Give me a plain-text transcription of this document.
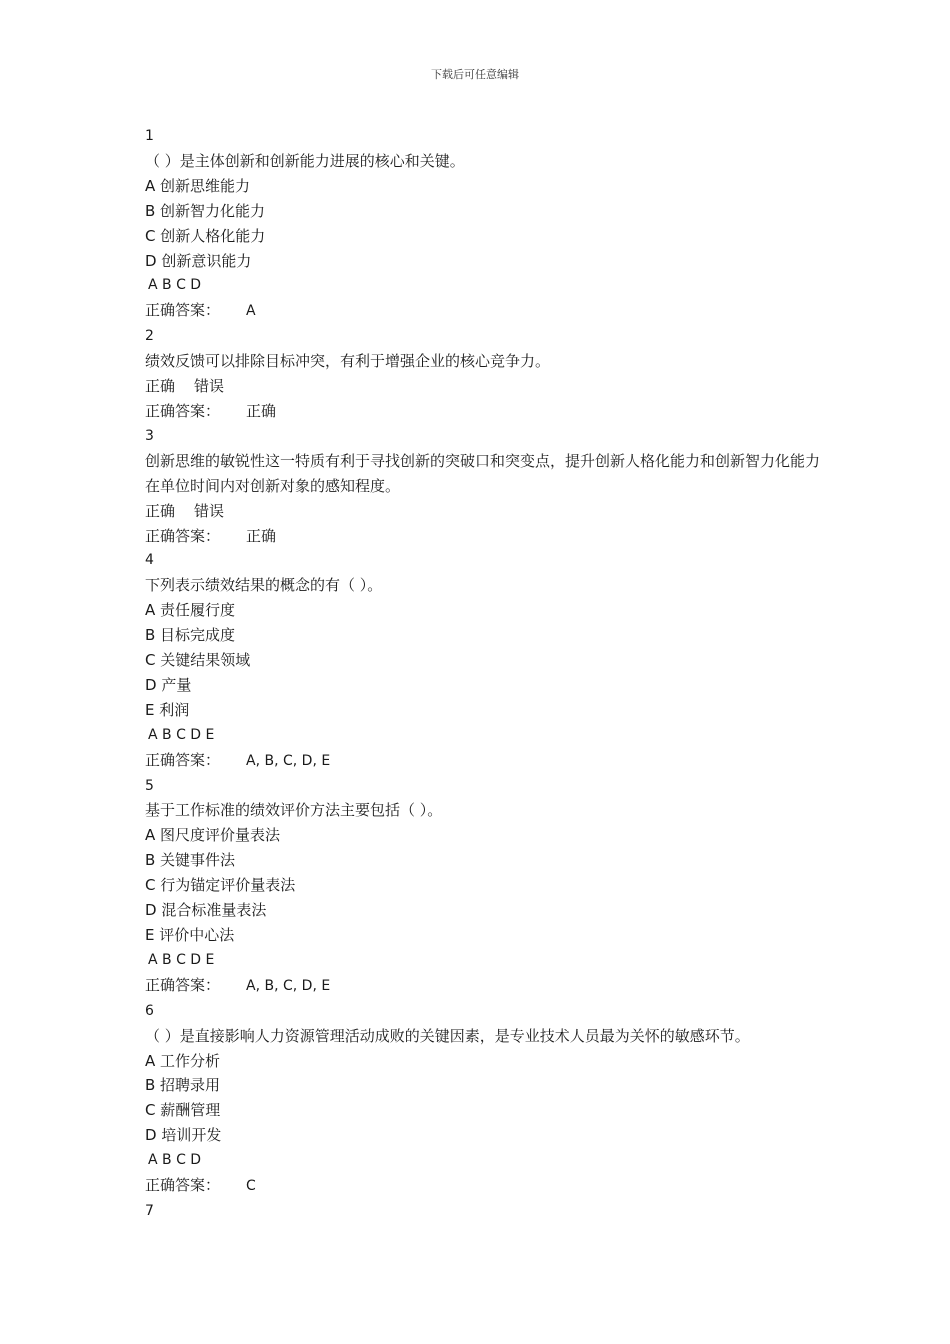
下载后可任意编辑
1
（ ）是主体创新和创新能力进展的核心和关键。
A 创新思维能力
B 创新智力化能力
C 创新人格化能力
D 创新意识能力
A B C D
正确答案： A
2
绩效反馈可以排除目标冲突，有利于增强企业的核心竞争力。
正确 错误
正确答案： 正确
3
创新思维的敏锐性这一特质有利于寻找创新的突破口和突变点，提升创新人格化能力和创新智力化能力在单位时间内对创新对象的感知程度。
正确 错误
正确答案： 正确
4
下列表示绩效结果的概念的有（ ）。
A 责任履行度
B 目标完成度
C 关键结果领域
D 产量
E 利润
A B C D E
正确答案： A, B, C, D, E
5
基于工作标准的绩效评价方法主要包括（ ）。
A 图尺度评价量表法
B 关键事件法
C 行为锚定评价量表法
D 混合标准量表法
E 评价中心法
A B C D E
正确答案： A, B, C, D, E
6
（ ）是直接影响人力资源管理活动成败的关键因素，是专业技术人员最为关怀的敏感环节。
A 工作分析
B 招聘录用
C 薪酬管理
D 培训开发
A B C D
正确答案： C
7
